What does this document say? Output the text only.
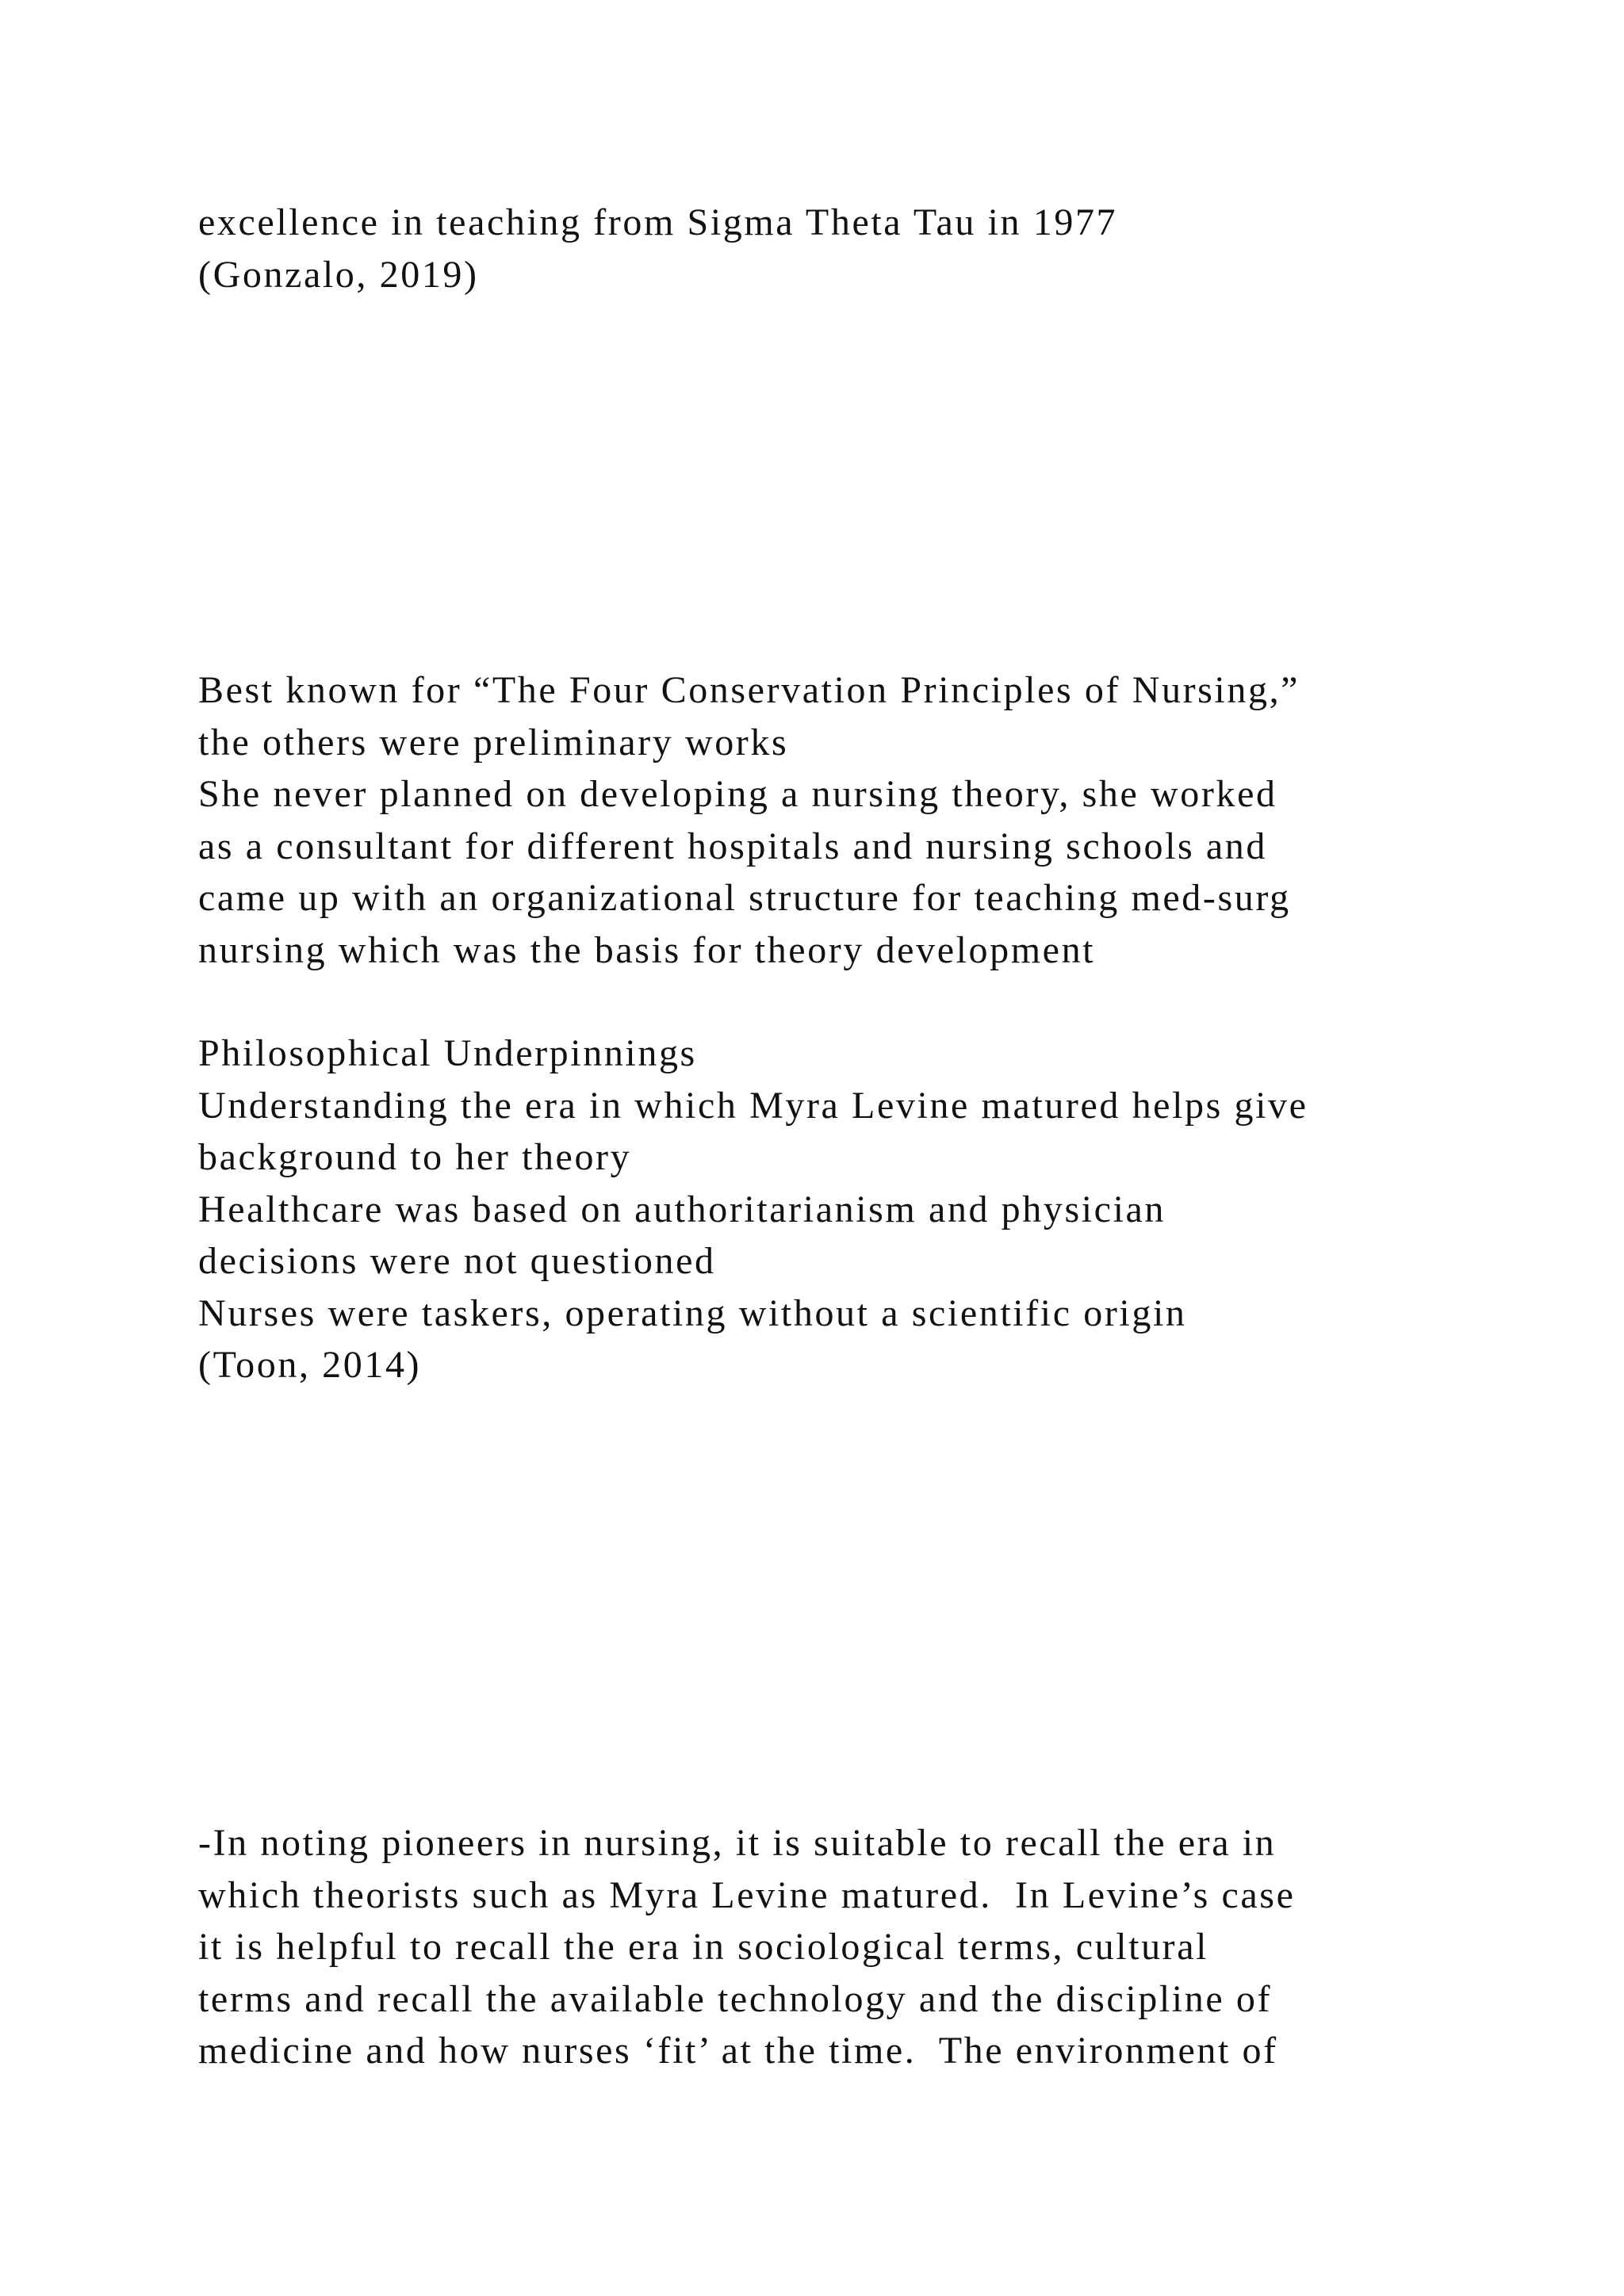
excellence in teaching from Sigma Theta Tau in 1977
(Gonzalo, 2019)
Best known for “The Four Conservation Principles of Nursing,”
the others were preliminary works
She never planned on developing a nursing theory, she worked
as a consultant for different hospitals and nursing schools and
came up with an organizational structure for teaching med-surg
nursing which was the basis for theory development
Philosophical Underpinnings
Understanding the era in which Myra Levine matured helps give
background to her theory
Healthcare was based on authoritarianism and physician
decisions were not questioned
Nurses were taskers, operating without a scientific origin
(Toon, 2014)
-In noting pioneers in nursing, it is suitable to recall the era in
which theorists such as Myra Levine matured.  In Levine’s case
it is helpful to recall the era in sociological terms, cultural
terms and recall the available technology and the discipline of
medicine and how nurses ‘fit’ at the time.  The environment of
